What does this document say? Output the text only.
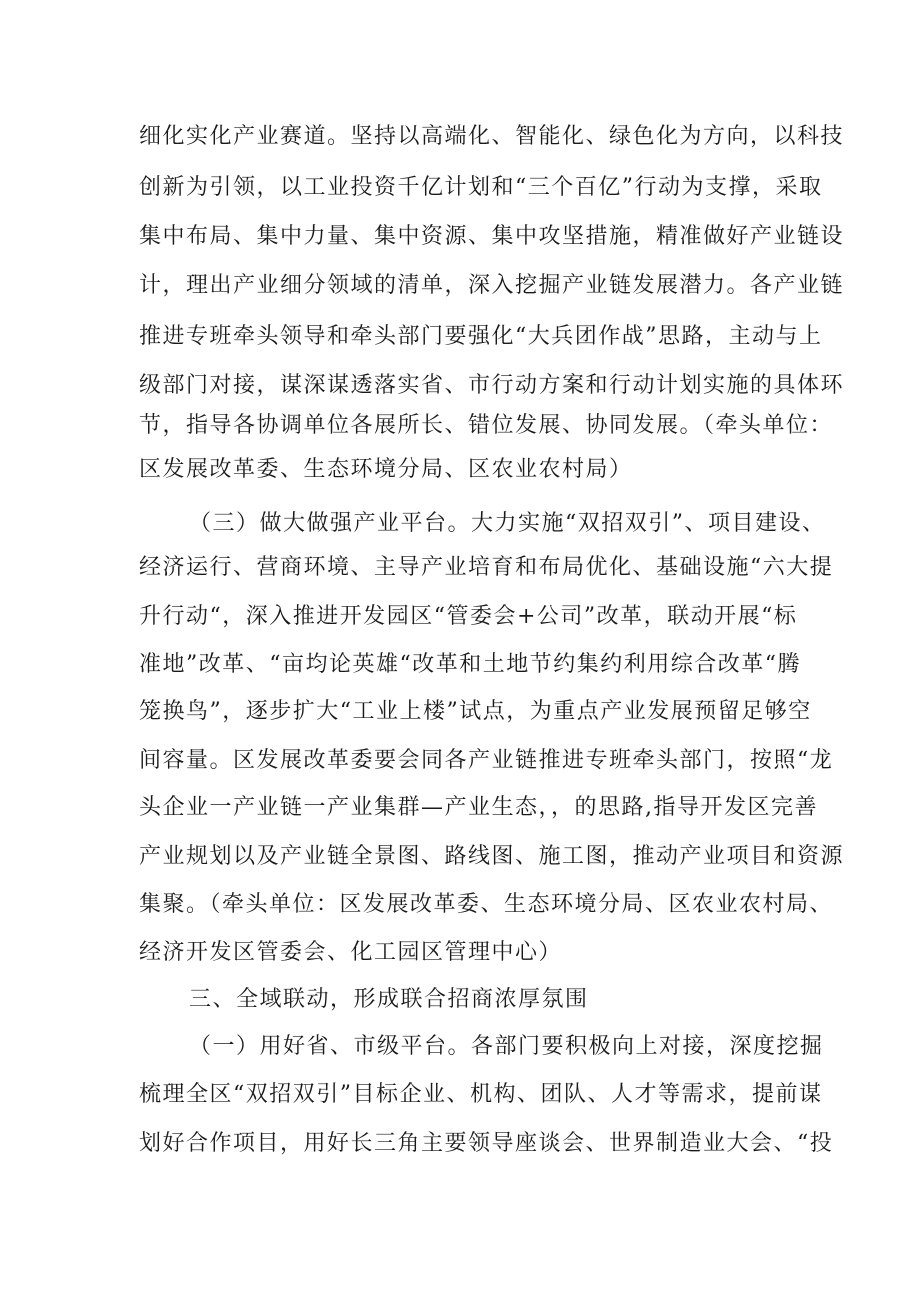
细化实化产业赛道。坚持以高端化、智能化、绿色化为方向，以科技
创新为引领，以工业投资千亿计划和“三个百亿”行动为支撑，采取
集中布局、集中力量、集中资源、集中攻坚措施，精准做好产业链设
计，理出产业细分领域的清单，深入挖掘产业链发展潜力。各产业链
推进专班牵头领导和牵头部门要强化“大兵团作战”思路，主动与上
级部门对接，谋深谋透落实省、市行动方案和行动计划实施的具体环
节，指导各协调单位各展所长、错位发展、协同发展。（牵头单位：
区发展改革委、生态环境分局、区农业农村局）
（三）做大做强产业平台。大力实施“双招双引”、项目建设、
经济运行、营商环境、主导产业培育和布局优化、基础设施“六大提
升行动“，深入推进开发园区“管委会+公司”改革，联动开展“标
准地”改革、“亩均论英雄“改革和土地节约集约利用综合改革“腾
笼换鸟”，逐步扩大“工业上楼”试点，为重点产业发展预留足够空
间容量。区发展改革委要会同各产业链推进专班牵头部门，按照“龙
头企业一产业链一产业集群—产业生态，，的思路,指导开发区完善
产业规划以及产业链全景图、路线图、施工图，推动产业项目和资源
集聚。（牵头单位：区发展改革委、生态环境分局、区农业农村局、
经济开发区管委会、化工园区管理中心）
三、全域联动，形成联合招商浓厚氛围
（一）用好省、市级平台。各部门要积极向上对接，深度挖掘
梳理全区“双招双引”目标企业、机构、团队、人才等需求，提前谋
划好合作项目，用好长三角主要领导座谈会、世界制造业大会、“投
